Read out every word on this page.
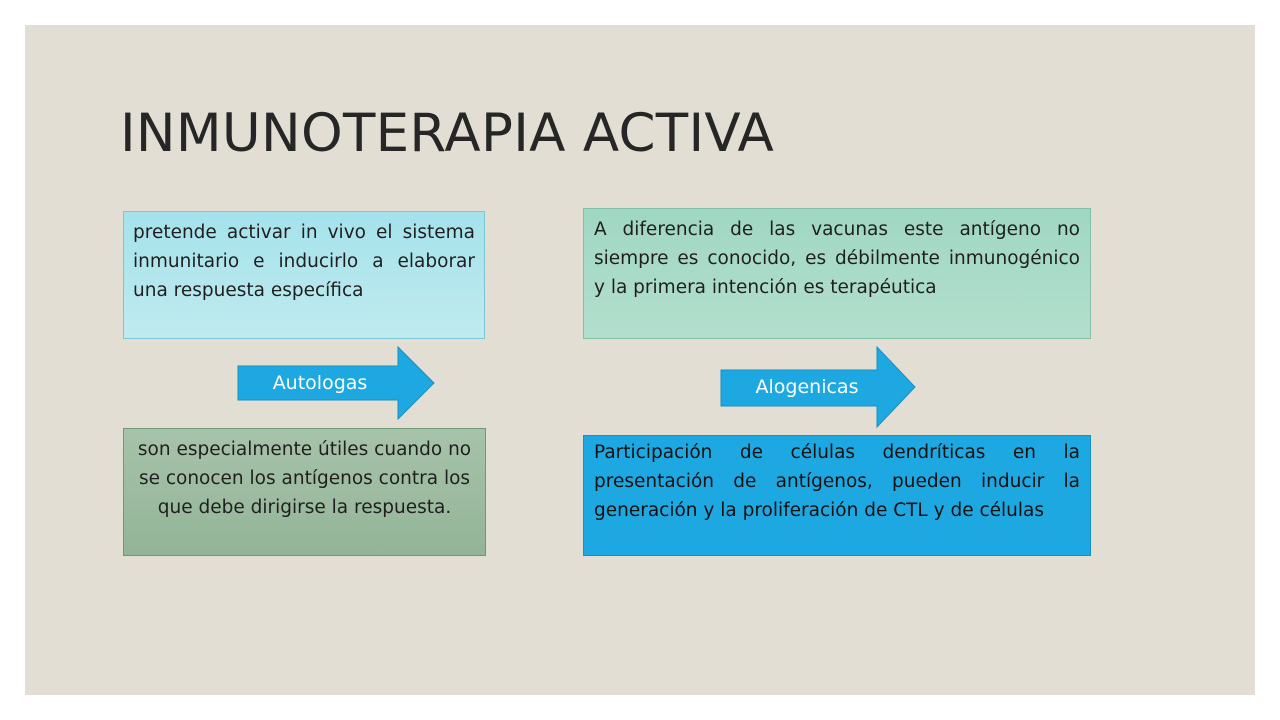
INMUNOTERAPIA ACTIVA
pretende activar in vivo el sistema inmunitario e inducirlo a elaborar una respuesta específica
A diferencia de las vacunas este antígeno no siempre es conocido, es débilmente inmunogénico y la primera intención es terapéutica
Autologas	Alogenicas
son especialmente útiles cuando no se conocen los antígenos contra los que debe dirigirse la respuesta.
Participación de células dendríticas en la presentación de antígenos, pueden inducir la generación y la proliferación de CTL y de células
